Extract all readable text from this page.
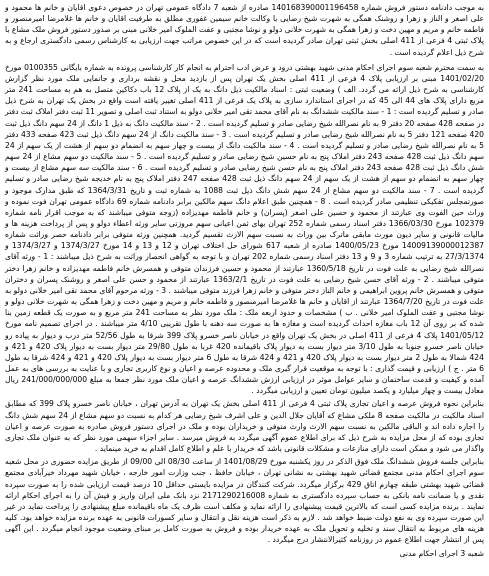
به موجب دادنامه دستور فروش شماره 140168390001196458 صادره از شعبه 7 دادگاه عمومی تهران در خصوص دعوی اقایان و خانم ها محمود و علی اصغر و الناز و زهرا و روشنک همگی به شهرت شیخ رضایی با وکالت خانم سیمین غفوری مطلق به طرفیت اقایان و خانم ها غلامرضا امیرمنصور و فاطمه خانم و مریم و مهین دخت و زهرا همگی به شهرت خلانی دولو و نوشا مجتبی و عفت الملوک امیر خلانی مبنی بر صدور دستور فروش ملک مشاع با پلاک ثبتی 4 فرعی از 411 اصلی بخش ثبتی تهران صادر گردیده است که در این خصوص مراتب جهت ارزیابی به کارشناس رسمی دادگستری ارجاع و به شرح ذیل اعلام گردیده است .

به سمت محترم شعبه سوم اجرای احکام مدنی شهید بهشتی درود و عرض ادب احترام به انجام کار کارشناسی پرونده به شماره بایگانی 0100355 مورخ 1401/02/20 مبنی بر ارزیابی پلاک 4 فرعی از 411 اصلی بخش یک تهران پس از بازدید محل و نقشه برداری و جانمایی ملک مورد نظر گزارش کارشناسی به شرح ذیل ارائه می گردد. الف ) وضعیت ثبتی : اسناد مالکیت ذیل دانگ به یک از پلاک 12 باب دکاکین متصل به هم به مساحت 241 متر مربع دارای پلاک های 44 الی 45 که در اجرای استاندارد سازی به پلاک یک فرعی از 411 اصلی تغییر یافته است واقع در بخش یک تهران به شرح ذیل صادر و تسلیم گردیده است : 1 - سند مالکیت ششدانگ به نام آقای محمد تقی امیر خلانی دولو به استناد ثبت اصلی و تصویر 11 ثبت دفتر املاک ثبت دفتر در صفحه 428 صفحه 20 دفتر 9 به نام نصرالله شیخ رضایی صادر و تسلیم گردیده است . 2 - سند مالکیت دانگ به ذیل 1 دانگ از 24 سهم دانگ ذیل ثبت 420 صفحه 121 دفتر 5 به نام نصرالله شیخ رضایی صادر و تسلیم گردیده است . 3 - سند مالکیت دانگ از 24 سهم دانگ ذیل ثبت 423 صفحه 433 دفتر 5 به نام نصرالله شیخ رضایی صادر و تسلیم گردیده است . 4 - سند مالکیت دانگ از بیست و چهار سهم به انضمام دو سهم از هشت از یک سهم از 24 سهم دانگ ذیل ثبت 428 صفحه 243 دفتر املاک پنج به نام حسین شیخ رضایی صادر و تسلیم گردیده است . 5 - سند مالکیت دو سهم مشاع از 24 سهم شش دانگ ذیل ثبت 428 صفحه 243 دفتر املاک پنج به نام حسن شیخ رضایی صادر و تسلیم گردیده است . 6 - سند مالکیت سه سهم مشاع از بیست و چهار سهم به انضمام دو سهم از هشت از یک سهم از 24 سهم دانگ ذیل ثبت 428 صفحه 247 دفتر املاک پنج به نام خدیجه شیخ رضایی صادر و تسلیم گردیده است . 7 - سند مالکیت دو سهم مشاع از 24 سهم شش دانگ ذیل ثبت 1088 به شماره ثبت و تاریخ 1364/3/31 که طبق مدارک موجود و صورتمجلس تفکیکی تنظیمی صادر گردیده است . 8 - همچنین طبق اعلام دانگ سهم مالکین برابر دادنامه شماره 69 دادگاه عمومی تهران فوت نموده و وراث حین الفوت وی عبارتند از محمود و حسین علی اصغر (پسران) و خانم فاطمه مهدیزاده (زوجه متوفی میباشند که به موجب اقرار نامه شماره 102379 مورخ 1366/03/30 دفتر اسناد رسمی شماره 252 تهران بهای ثمن اعیانی سهم مروزتی سایر ورثه اعطاء دولو و پس از پرداخت هزینه ها و مالیات قانونی و سایر دیون مورث مابقی ماترک بین وراث به نسبت سهم الارث تقسیم گردید. همچنین ورثه متوفی برابر دادنامه حصر وراثت شماره 14009139000012387 مورخ 1400/05/23 صادره از شعبه 617 شورای حل اختلاف تهران و 12 و 13 و 14 مورخ 1374/3/27 و 1374/3/27 و 27/3/1374 به ترتیب شماره 3 و 9 و 13 دفتر اسناد رسمی شماره 202 تهران و با توجه به گواهی انحصار وراثت به شرح ذیل میباشند : 1 - ورثه آقای نصرالله شیخ رضایی به علت فوت در تاریخ 1360/5/18 عبارتند از محمود و حسین فرزندان متوفی و همسرش خانم فاطمه مهدیزاده و خانم زهرا دختر متوفی میباشند . 2 - ورثه آقای حسن شیخ رضایی به علت فوت در تاریخ 1363/2/1 عبارتند از محمود و حسن علی اصغر و روشنک پسران و دختران متوفی و همسرش خانم پروین ابراهیمی و خانم الناز دختر متوفی و خانم زهرا فرزند متوفی میباشند . 3 - ورثه مرحوم آقای محمد تقی امیر خلانی دولو به علت فوت در تاریخ 1364/7/20 عبارتند از اقایان و خانم ها غلامرضا امیرمنصور و فاطمه خانم و مریم و مهین دخت و زهرا همگی به شهرت خلانی دولو و نوشا مجتبی و عفت الملوک امیر خلانی . ب ) مشخصات و حدود اربعه ملک : ملک مورد نظر به مساحت 241 متر مربع و به صورت یک قطعه زمین بنا شده که بر روی آن 12 باب مغازه احداث گردیده است و مغازه ها به صورت سه دهنه با طول تقریبی 4/10 متر میباشند . در اجرای تصمیم نامه مورخ 1401/05/12 پلاک 4 فرعی از 411 اصلی در بخش یک تهران واقع در خیابان ناصر خسرو پلاک 399 شرقا به طول 52/56 متر درب و دیوار به پیاده رو خیابان ناصر خسرو جنوبا به طول 3/10 متر دیوار بست به دیوار پلاک باقیمانده 420 غربا به طول 29/80 متر دیوار بست به دیوار پلاک 420 و 421 و 424 شمالا به طول 2 متر دیوار بست به دیوار پلاک 420 و 421 و 424 شرقا به طول 6 متر دیوار بست به دیوار پلاک 420 و 421 و 424 شرقا به طول 6 متر . ج ) ارزیابی و قیمت گذاری : با توجه به موقعیت قرار گیری ملک و محدوده عرصه و اعیان و نوع کاربری تجاری و با عنایت به بررسی های به عمل آمده و کیفیت و قدمت ساختمان و سایر عوامل موثر در ارزیابی ارزش ششدانگ عرصه و اعیان ملک مورد نظر جمعا به مبلغ 241/000/000/000 ریال معادل بیست و چهار میلیارد و یکصد میلیون تومان تعیین و ارزیابی میگردد .

بنابراین نحوه فروش عرصه و اعیان تجاری پلاک ثبتی 4 فرعی از 411 اصلی بخش یک تهران به آدرس تهران ، خیابان ناصر خسرو پلاک 399 که مطابق اسناد مالکیت در مالکیت صفحه 8 ملکی مشاع که آقایان جلال الدین و علی اشرف شیخ رضایی هر کدام به نسبت دو سهم مشاع از 24 سهم شش دانگ را اجاره داده اند و الباقی مالکین به نسبت سهم الارث وارث متوفی و خریداران بوده و ملک در اجرای دستور فروش صادره به صورت عرصه و اعیان تجاری بوده که از محل مزایده به شرح ذیل که برای اطلاع عموم آگهی میگردد به فروش میرسد . سایر اجزاء سهمی مورد نظر که به عنوان ملک تجاری واگذار می شود و ممکن است دارای منازعات و مشکلات قانونی باشد که خریدار با علم و اطلاع کامل اقدام به خرید مینماید .

بنابراین جلسه فروش ششدانگ ملک فوق الذکر در روز یکشنبه مورخ 1401/08/29 از ساعت 08/30 الی 09/00 از طریق مزایده حضوری در محل شعبه سوم اجرای احکام مدنی مجتمع قضائی شهید بهشتی به نشانی تهران ، خیابان حافظ ، جنب وزارت امور خارجه ، خیابان شهید مهرداد خیرآبادی مجتمع قضائی شهید بهشتی طبقه چهارم اتاق 429 برگزار میگردد. شرکت کنندگان در مزایده بایستی حداقل 10 درصد قیمت ارزیابی شده را به صورت سپرده نقدی و یا ضمانت نامه بانکی به حساب سپرده دادگستری به شماره 2171290216008 نزد بانک ملی ایران واریز و فیش آن را به اجرای احکام ارائه نمایند . برنده مزایده کسی است که بالاترین قیمت پیشنهادی را ارائه نماید و مکلف است ظرف یک ماه باقیمانده مبلغ پیشنهادی را پرداخت نماید در غیر این صورت سپرده وی به نفع دولت ضبط خواهد شد . لازم به ذکر است هزینه نقل و انتقال و سایر کسورات قانونی به عهده برنده مزایده خواهد بود. کلیه هزینه های مربوط به انتقال سند و تخلیه و تحویل ملک به عهده خریدار بوده و فروش به صورت کامل بر مبنای وضعیت موجود انجام میگردد . این آگهی پس از انتشار جهت اطلاع عموم در روزنامه کثیرالانتشار درج میگردد .

شعبه 3 اجرای احکام مدنی
